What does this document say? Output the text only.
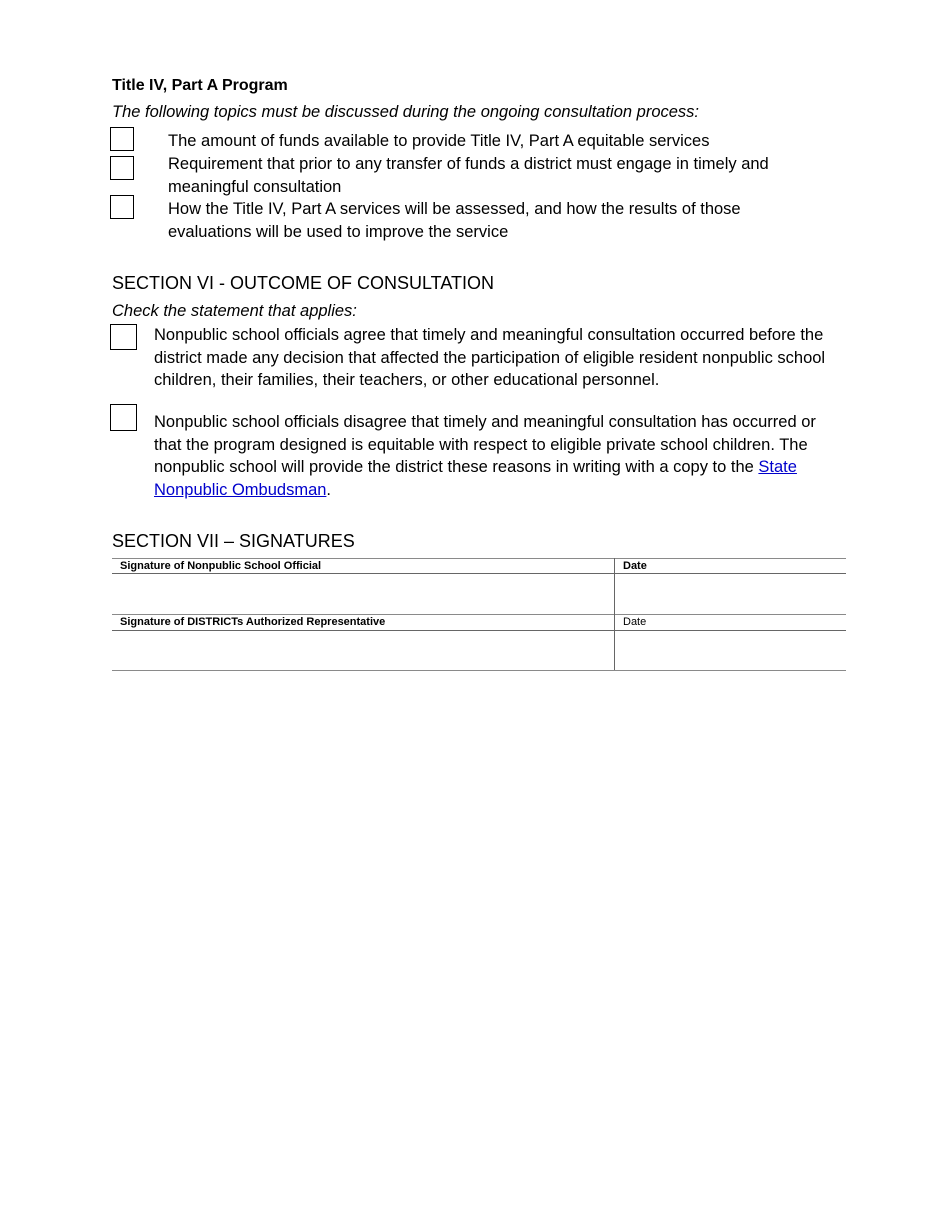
Title IV, Part A Program
The following topics must be discussed during the ongoing consultation process:
The amount of funds available to provide Title IV, Part A equitable services
Requirement that prior to any transfer of funds a district must engage in timely and meaningful consultation
How the Title IV, Part A services will be assessed, and how the results of those evaluations will be used to improve the service
SECTION VI - OUTCOME OF CONSULTATION
Check the statement that applies:
Nonpublic school officials agree that timely and meaningful consultation occurred before the district made any decision that affected the participation of eligible resident nonpublic school children, their families, their teachers, or other educational personnel.
Nonpublic school officials disagree that timely and meaningful consultation has occurred or that the program designed is equitable with respect to eligible private school children. The nonpublic school will provide the district these reasons in writing with a copy to the State Nonpublic Ombudsman.
SECTION VII – SIGNATURES
Signature of Nonpublic School Official	Date
Signature of DISTRICTs Authorized Representative	Date
